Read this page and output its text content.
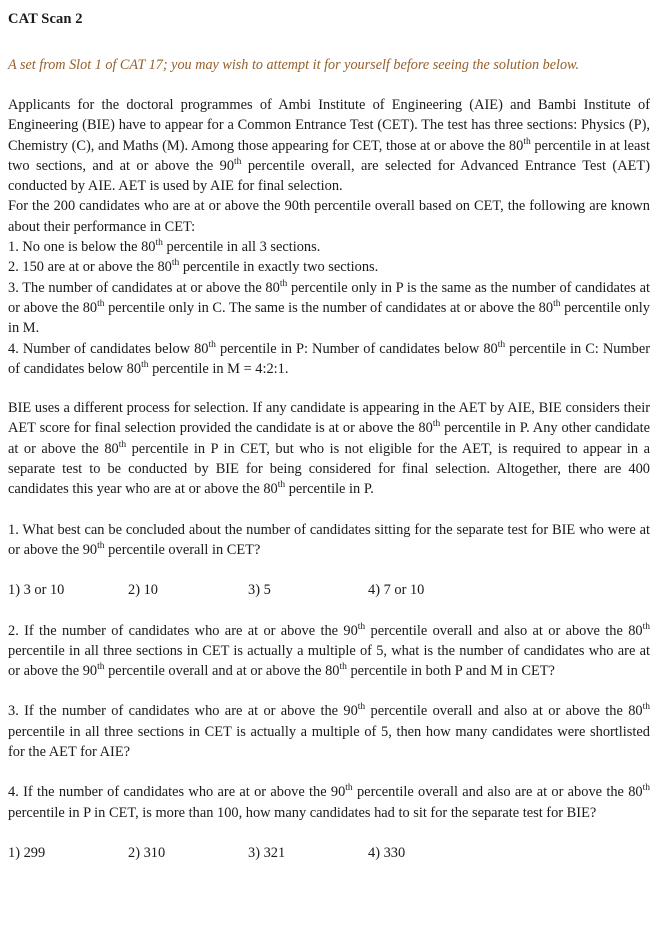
CAT Scan 2

A set from Slot 1 of CAT 17; you may wish to attempt it for yourself before seeing the solution below.

Applicants for the doctoral programmes of Ambi Institute of Engineering (AIE) and Bambi Institute of Engineering (BIE) have to appear for a Common Entrance Test (CET). The test has three sections: Physics (P), Chemistry (C), and Maths (M). Among those appearing for CET, those at or above the 80th percentile in at least two sections, and at or above the 90th percentile overall, are selected for Advanced Entrance Test (AET) conducted by AIE. AET is used by AIE for final selection.

For the 200 candidates who are at or above the 90th percentile overall based on CET, the following are known about their performance in CET:

1. No one is below the 80th percentile in all 3 sections.

2. 150 are at or above the 80th percentile in exactly two sections.

3. The number of candidates at or above the 80th percentile only in P is the same as the number of candidates at or above the 80th percentile only in C. The same is the number of candidates at or above the 80th percentile only in M.

4. Number of candidates below 80th percentile in P: Number of candidates below 80th percentile in C: Number of candidates below 80th percentile in M = 4:2:1.

BIE uses a different process for selection. If any candidate is appearing in the AET by AIE, BIE considers their AET score for final selection provided the candidate is at or above the 80th percentile in P. Any other candidate at or above the 80th percentile in P in CET, but who is not eligible for the AET, is required to appear in a separate test to be conducted by BIE for being considered for final selection. Altogether, there are 400 candidates this year who are at or above the 80th percentile in P.

1. What best can be concluded about the number of candidates sitting for the separate test for BIE who were at or above the 90th percentile overall in CET?

1) 3 or 10	2) 10	3) 5	4) 7 or 10

2. If the number of candidates who are at or above the 90th percentile overall and also at or above the 80th percentile in all three sections in CET is actually a multiple of 5, what is the number of candidates who are at or above the 90th percentile overall and at or above the 80th percentile in both P and M in CET?

3. If the number of candidates who are at or above the 90th percentile overall and also at or above the 80th percentile in all three sections in CET is actually a multiple of 5, then how many candidates were shortlisted for the AET for AIE?

4. If the number of candidates who are at or above the 90th percentile overall and also are at or above the 80th percentile in P in CET, is more than 100, how many candidates had to sit for the separate test for BIE?

1) 299	2) 310	3) 321	4) 330
